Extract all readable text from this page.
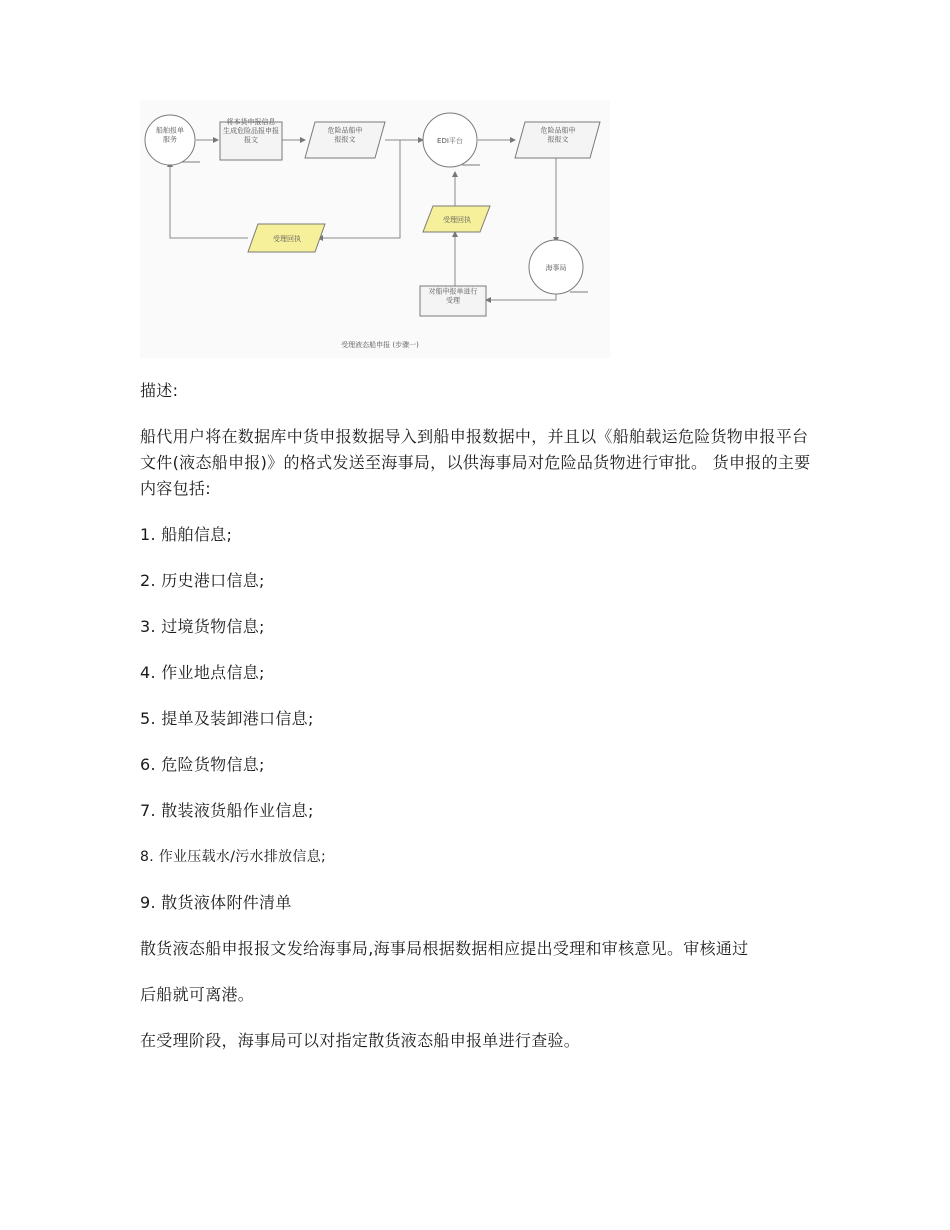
船舶报单服务
将本货申报信息生成危险品报申报报文
危险品船申报报文	EDI平台
危险品船申报报文
受理回执
受理回执
海事局
对船申报单进行受理
受理液态船申报 (步骤一)

描述:

船代用户将在数据库中货申报数据导入到船申报数据中，并且以《船舶载运危险货物申报平台文件(液态船申报)》的格式发送至海事局，以供海事局对危险品货物进行审批。 货申报的主要内容包括:

1. 船舶信息;

2. 历史港口信息;

3. 过境货物信息;

4. 作业地点信息;

5. 提单及装卸港口信息;

6. 危险货物信息;

7. 散装液货船作业信息;

8. 作业压载水/污水排放信息;

9. 散货液体附件清单

散货液态船申报报文发给海事局,海事局根据数据相应提出受理和审核意见。审核通过

后船就可离港。

在受理阶段，海事局可以对指定散货液态船申报单进行查验。
